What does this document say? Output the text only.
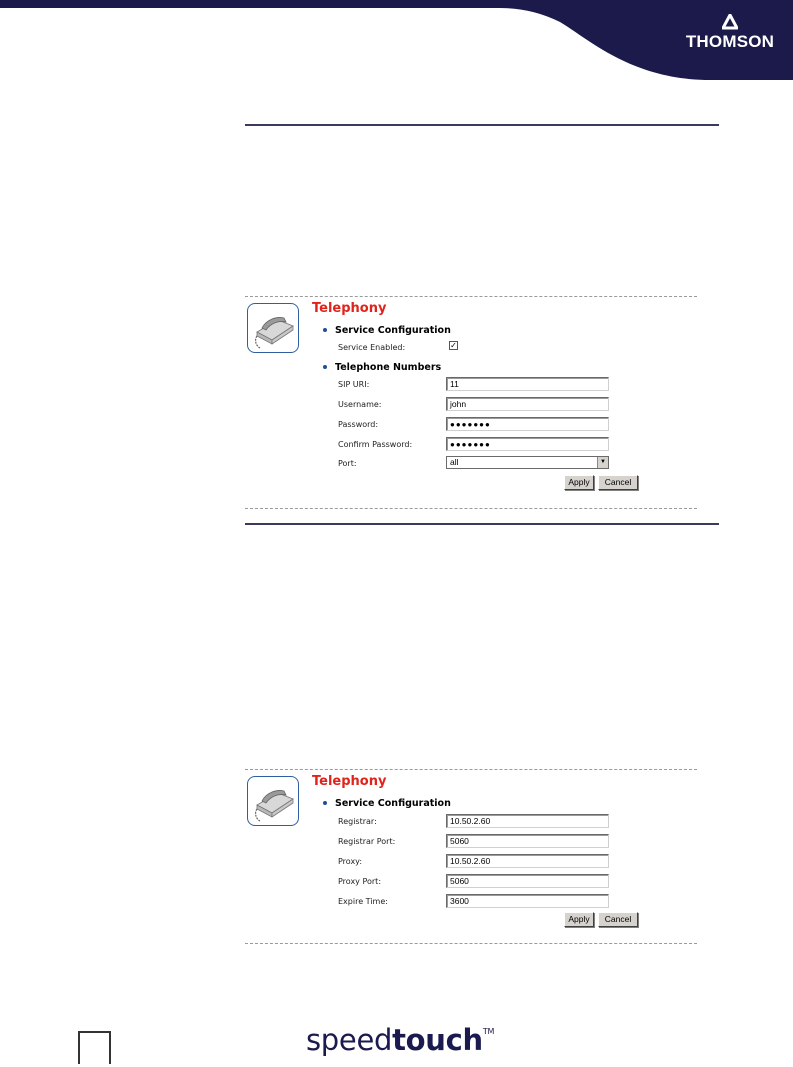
THOMSON
Telephony
Service Configuration
Service Enabled:	✓
Telephone Numbers
SIP URI:	11
Username:	john
Password:	●●●●●●●
Confirm Password:	●●●●●●●
Port:	all	▼
Apply	Cancel
Telephony
Service Configuration
Registrar:	10.50.2.60
Registrar Port:	5060
Proxy:	10.50.2.60
Proxy Port:	5060
Expire Time:	3600
Apply	Cancel
speedtouch™
